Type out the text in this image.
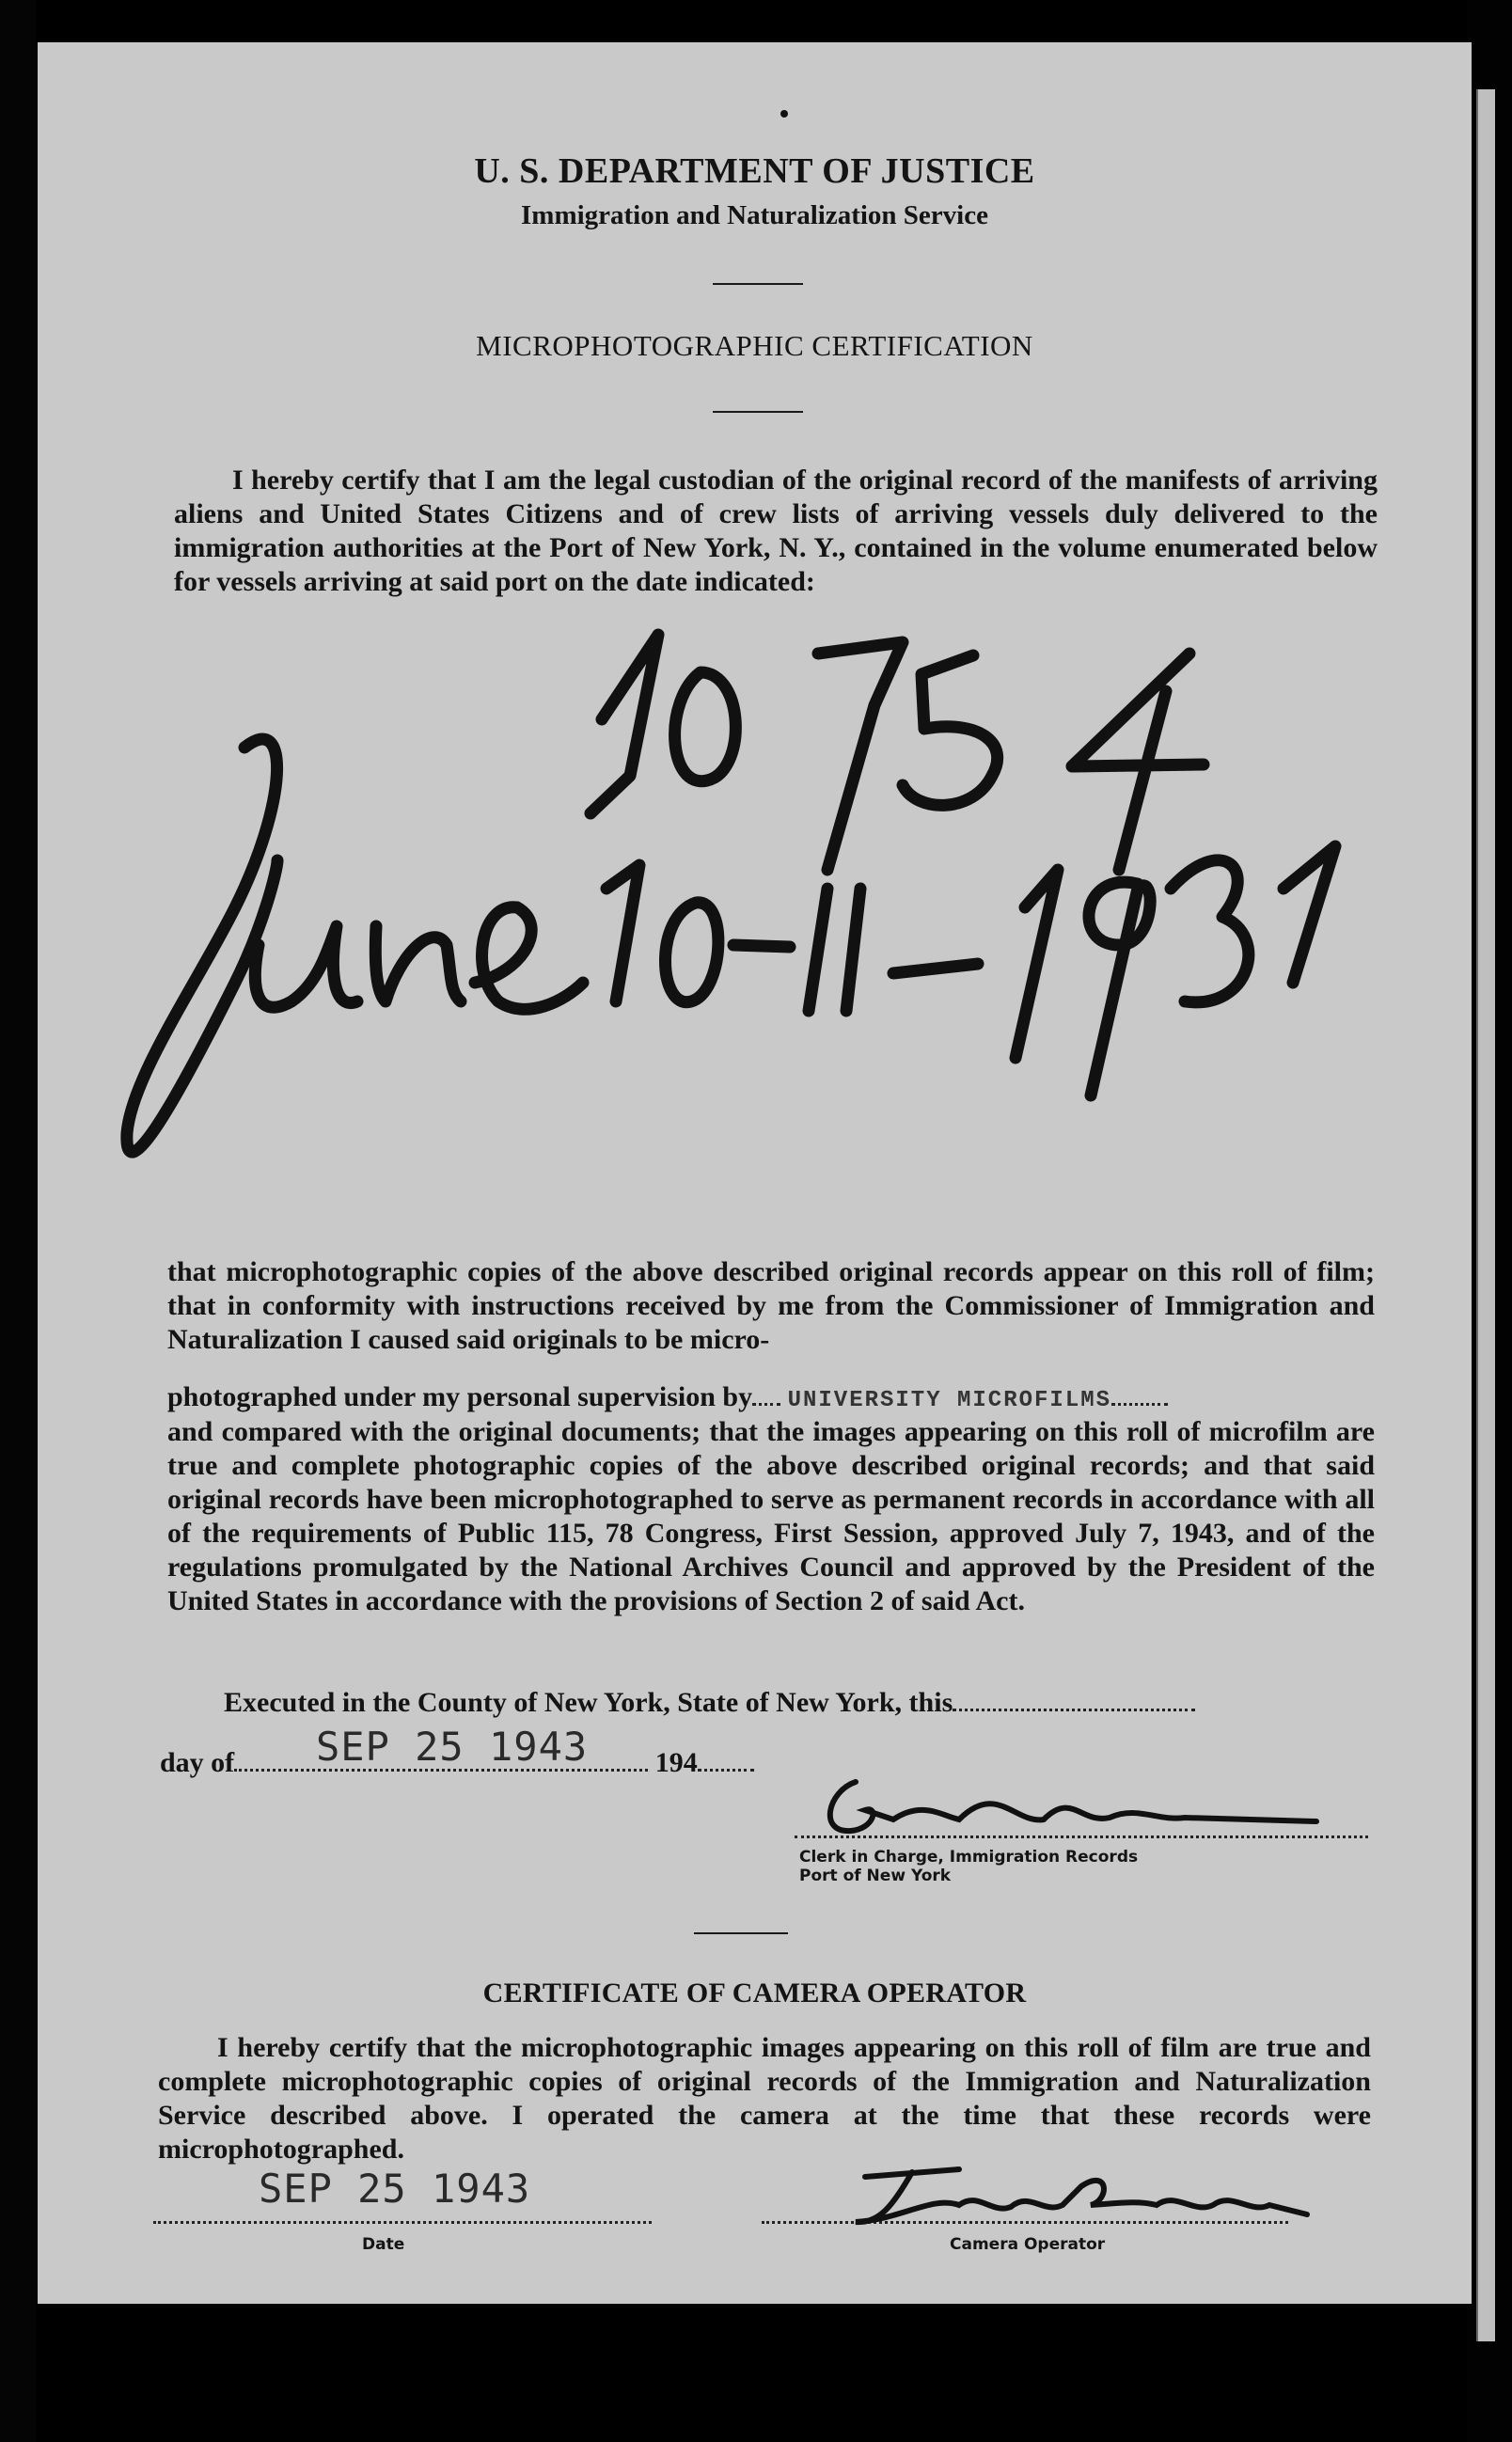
U. S. DEPARTMENT OF JUSTICE
Immigration and Naturalization Service
MICROPHOTOGRAPHIC CERTIFICATION
I hereby certify that I am the legal custodian of the original record of the manifests of arriving aliens and United States Citizens and of crew lists of arriving vessels duly delivered to the immigration authorities at the Port of New York, N. Y., contained in the volume enumerated below for vessels arriving at said port on the date indicated:
that microphotographic copies of the above described original records appear on this roll of film; that in conformity with instructions received by me from the Commissioner of Immigration and Naturalization I caused said originals to be micro-
photographed under my personal supervision by UNIVERSITY MICROFILMS
and compared with the original documents; that the images appearing on this roll of microfilm are true and complete photographic copies of the above described original records; and that said original records have been microphotographed to serve as permanent records in accordance with all of the requirements of Public 115, 78 Congress, First Session, approved July 7, 1943, and of the regulations promulgated by the National Archives Council and approved by the President of the United States in accordance with the provisions of Section 2 of said Act.
Executed in the County of New York, State of New York, this
day of	194
SEP 25 1943
Clerk in Charge, Immigration Records
Port of New York
CERTIFICATE OF CAMERA OPERATOR
I hereby certify that the microphotographic images appearing on this roll of film are true and complete microphotographic copies of original records of the Immigration and Naturalization Service described above. I operated the camera at the time that these records were microphotographed.
SEP 25 1943
Date	Camera Operator
